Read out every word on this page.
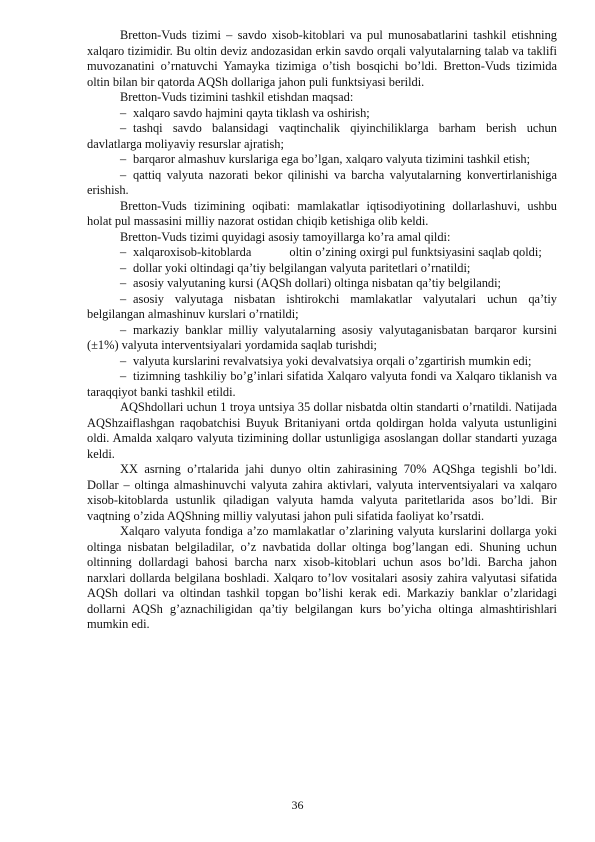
Bretton-Vuds tizimi – savdo xisob-kitoblari va pul munosabatlarini tashkil etishning xalqaro tizimidir. Bu oltin deviz andozasidan erkin savdo orqali valyutalarning talab va taklifi muvozanatini o’rnatuvchi Yamayka tizimiga o’tish bosqichi bo’ldi. Bretton-Vuds tizimida oltin bilan bir qatorda AQSh dollariga jahon puli funktsiyasi berildi.

Bretton-Vuds tizimini tashkil etishdan maqsad:

– xalqaro savdo hajmini qayta tiklash va oshirish;
– tashqi savdo balansidagi vaqtinchalik qiyinchiliklarga barham berish uchun davlatlarga moliyaviy resurslar ajratish;
– barqaror almashuv kurslariga ega bo’lgan, xalqaro valyuta tizimini tashkil etish;
– qattiq valyuta nazorati bekor qilinishi va barcha valyutalarning konvertirlanishiga erishish.

Bretton-Vuds tizimining oqibati: mamlakatlar iqtisodiyotining dollarlashuvi, ushbu holat pul massasini milliy nazorat ostidan chiqib ketishiga olib keldi.

Bretton-Vuds tizimi quyidagi asosiy tamoyillarga ko’ra amal qildi:

– xalqaroxisob-kitoblarda	oltin o’zining oxirgi pul funktsiyasini saqlab qoldi;
– dollar yoki oltindagi qa’tiy belgilangan valyuta paritetlari o’rnatildi;
– asosiy valyutaning kursi (AQSh dollari) oltinga nisbatan qa’tiy belgilandi;
– asosiy valyutaga nisbatan ishtirokchi mamlakatlar valyutalari uchun qa’tiy belgilangan almashinuv kurslari o’rnatildi;
– markaziy banklar milliy valyutalarning asosiy valyutaganisbatan barqaror kursini (±1%) valyuta interventsiyalari yordamida saqlab turishdi;
– valyuta kurslarini revalvatsiya yoki devalvatsiya orqali o’zgartirish mumkin edi;
– tizimning tashkiliy bo’g’inlari sifatida Xalqaro valyuta fondi va Xalqaro tiklanish va taraqqiyot banki tashkil etildi.

AQShdollari uchun 1 troya untsiya 35 dollar nisbatda oltin standarti o’rnatildi. Natijada AQShzaiflashgan raqobatchisi Buyuk Britaniyani ortda qoldirgan holda valyuta ustunligini oldi. Amalda xalqaro valyuta tizimining dollar ustunligiga asoslangan dollar standarti yuzaga keldi.

XX asrning o’rtalarida jahi dunyo oltin zahirasining 70% AQShga tegishli bo’ldi. Dollar – oltinga almashinuvchi valyuta zahira aktivlari, valyuta interventsiyalari va xalqaro xisob-kitoblarda ustunlik qiladigan valyuta hamda valyuta paritetlarida asos bo’ldi. Bir vaqtning o’zida AQShning milliy valyutasi jahon puli sifatida faoliyat ko’rsatdi.

Xalqaro valyuta fondiga a’zo mamlakatlar o’zlarining valyuta kurslarini dollarga yoki oltinga nisbatan belgiladilar, o’z navbatida dollar oltinga bog’langan edi. Shuning uchun oltinning dollardagi bahosi barcha narx xisob-kitoblari uchun asos bo’ldi. Barcha jahon narxlari dollarda belgilana boshladi. Xalqaro to’lov vositalari asosiy zahira valyutasi sifatida AQSh dollari va oltindan tashkil topgan bo’lishi kerak edi. Markaziy banklar o’zlaridagi dollarni AQSh g’aznachiligidan qa’tiy belgilangan kurs bo’yicha oltinga almashtirishlari mumkin edi.

36
